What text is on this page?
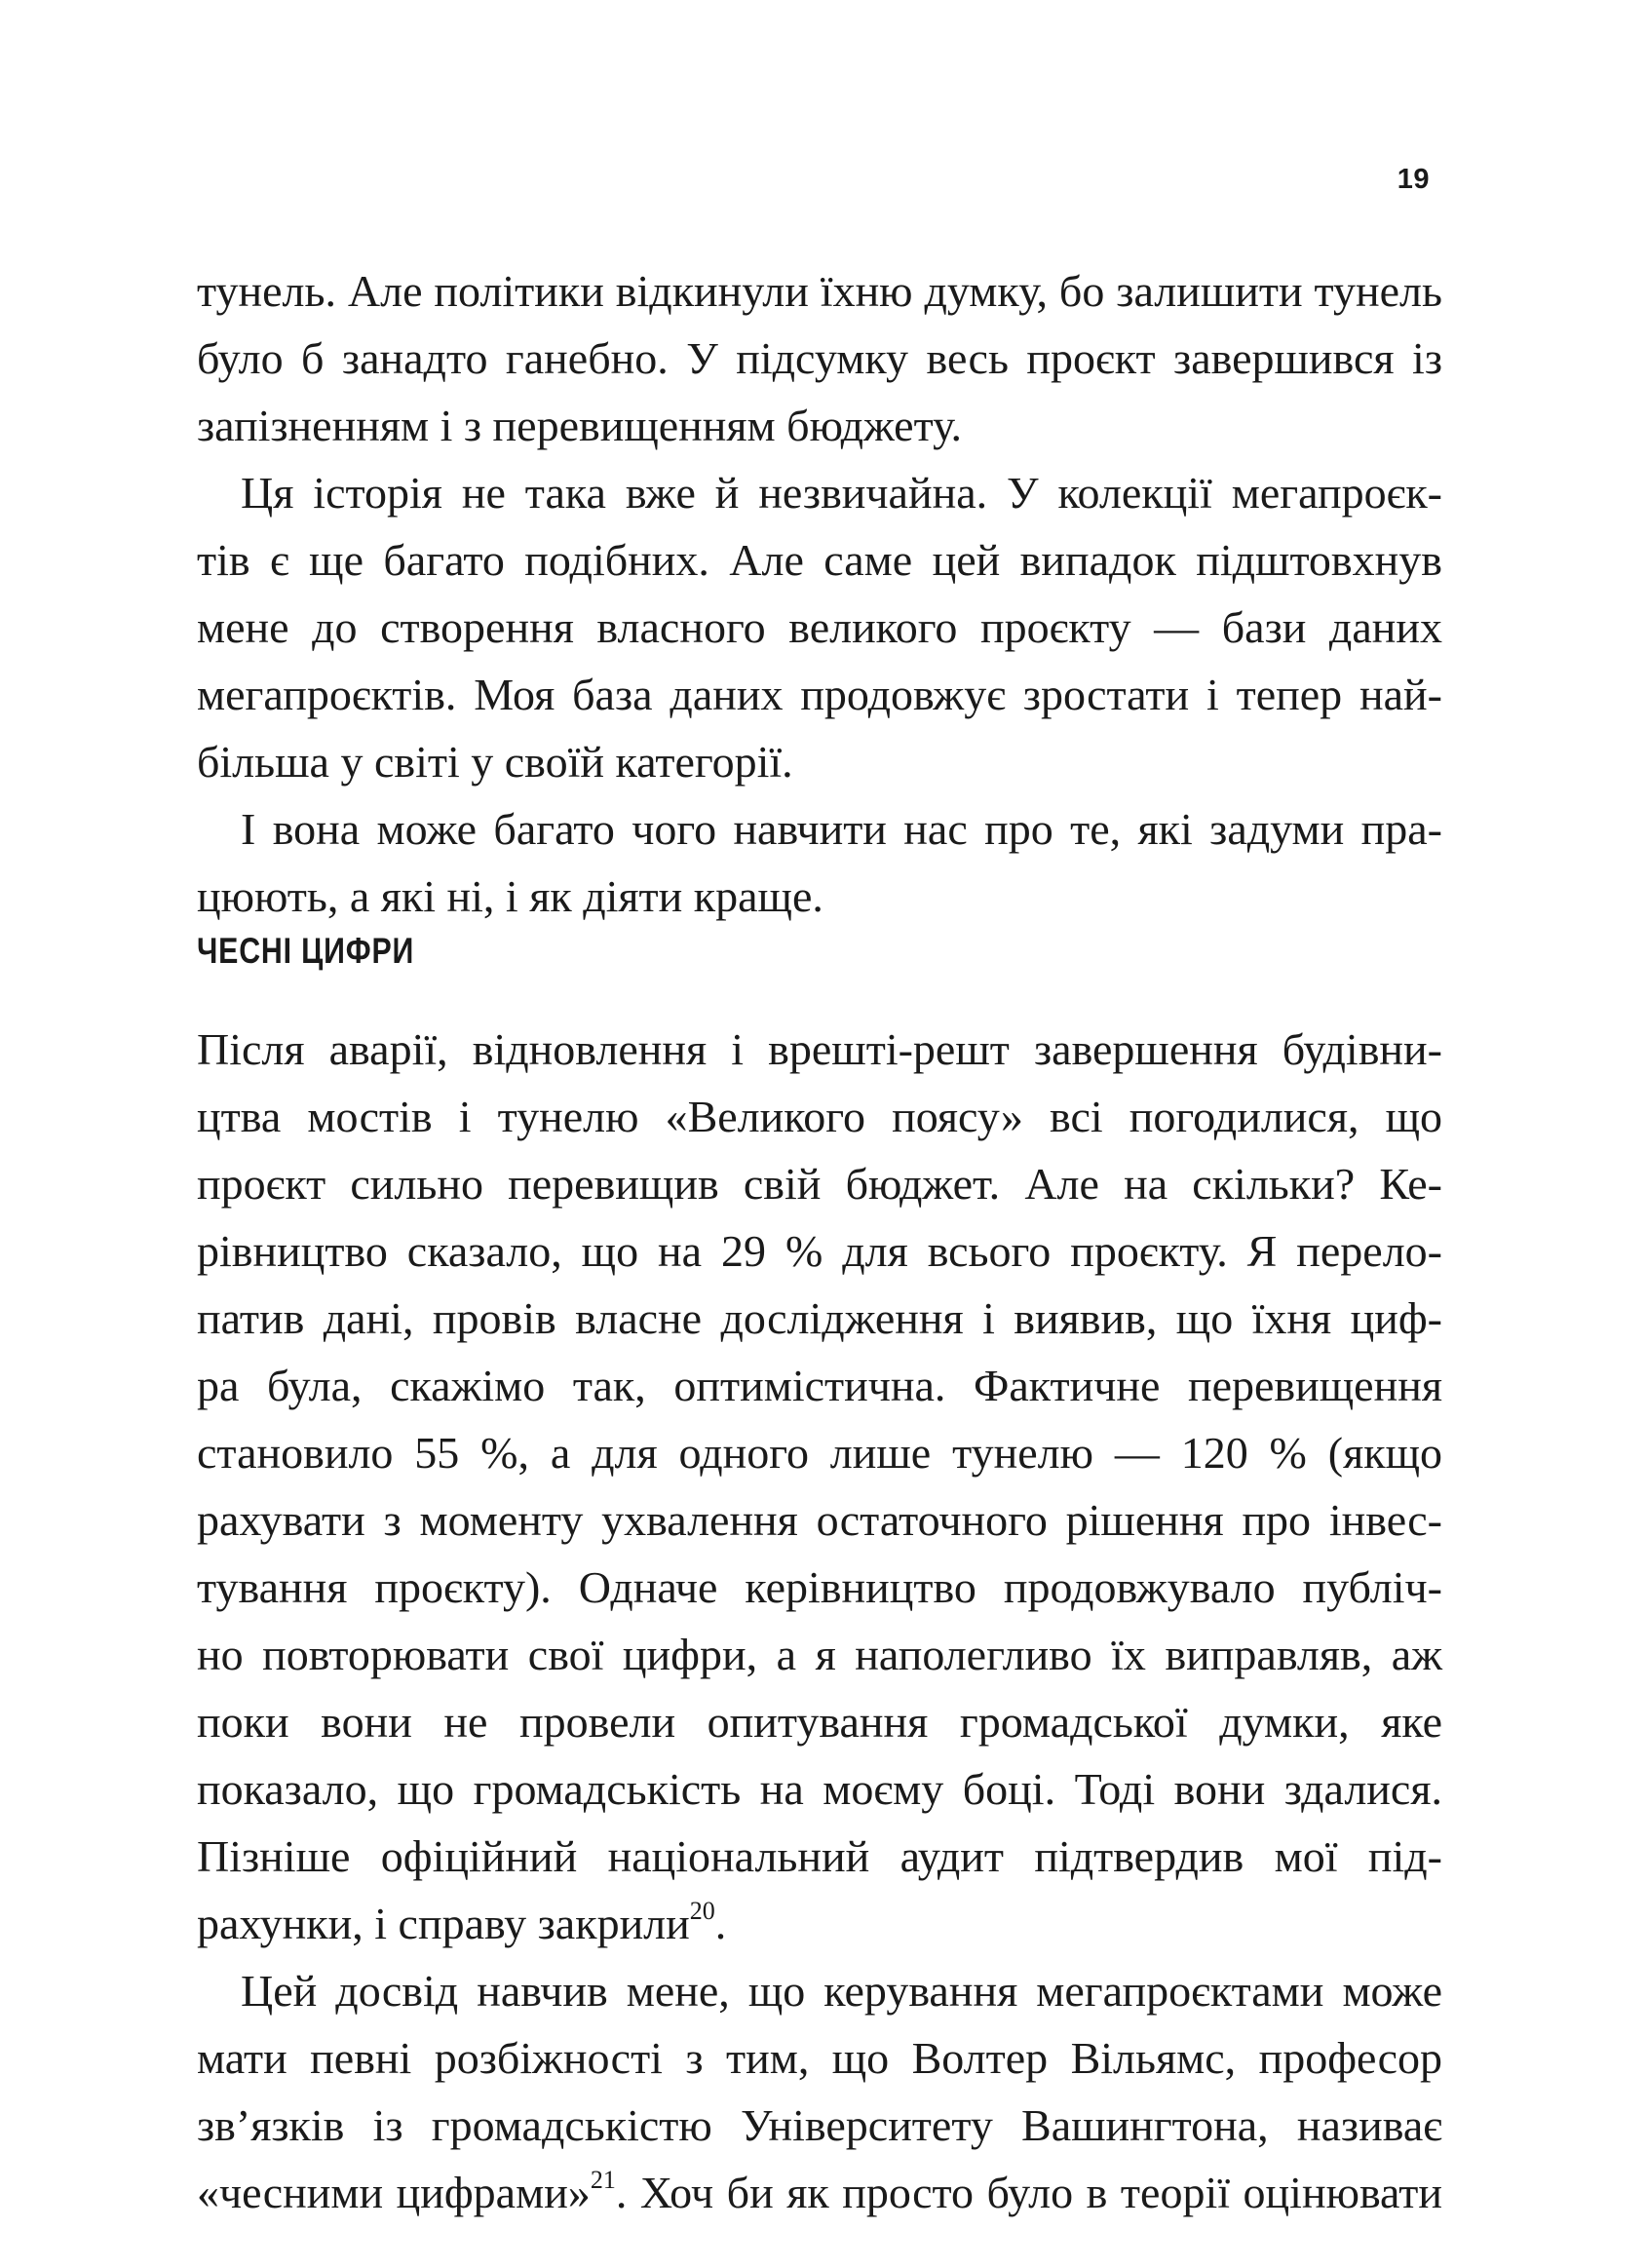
19

тунель. Але політики відкинули їхню думку, бо залишити тунель
було б занадто ганебно. У підсумку весь проєкт завершився із
запізненням і з перевищенням бюджету.

Ця історія не така вже й незвичайна. У колекції мегапроєк-
тів є ще багато подібних. Але саме цей випадок підштовхнув
мене до створення власного великого проєкту — бази даних
мегапроєктів. Моя база даних продовжує зростати і тепер най-
більша у світі у своїй категорії.

І вона може багато чого навчити нас про те, які задуми пра-
цюють, а які ні, і як діяти краще.

ЧЕСНІ ЦИФРИ

Після аварії, відновлення і врешті-решт завершення будівни-
цтва мостів і тунелю «Великого поясу» всі погодилися, що
проєкт сильно перевищив свій бюджет. Але на скільки? Ке-
рівництво сказало, що на 29 % для всього проєкту. Я перело-
патив дані, провів власне дослідження і виявив, що їхня циф-
ра була, скажімо так, оптимістична. Фактичне перевищення
становило 55 %, а для одного лише тунелю — 120 % (якщо
рахувати з моменту ухвалення остаточного рішення про інвес-
тування проєкту). Одначе керівництво продовжувало публіч-
но повторювати свої цифри, а я наполегливо їх виправляв, аж
поки вони не провели опитування громадської думки, яке
показало, що громадськість на моєму боці. Тоді вони здалися.
Пізніше офіційний національний аудит підтвердив мої під-
рахунки, і справу закрили$^{20}$.

Цей досвід навчив мене, що керування мегапроєктами може
мати певні розбіжності з тим, що Волтер Вільямс, професор
зв’язків із громадськістю Університету Вашингтона, називає
«чесними цифрами»$^{21}$. Хоч би як просто було в теорії оцінювати
